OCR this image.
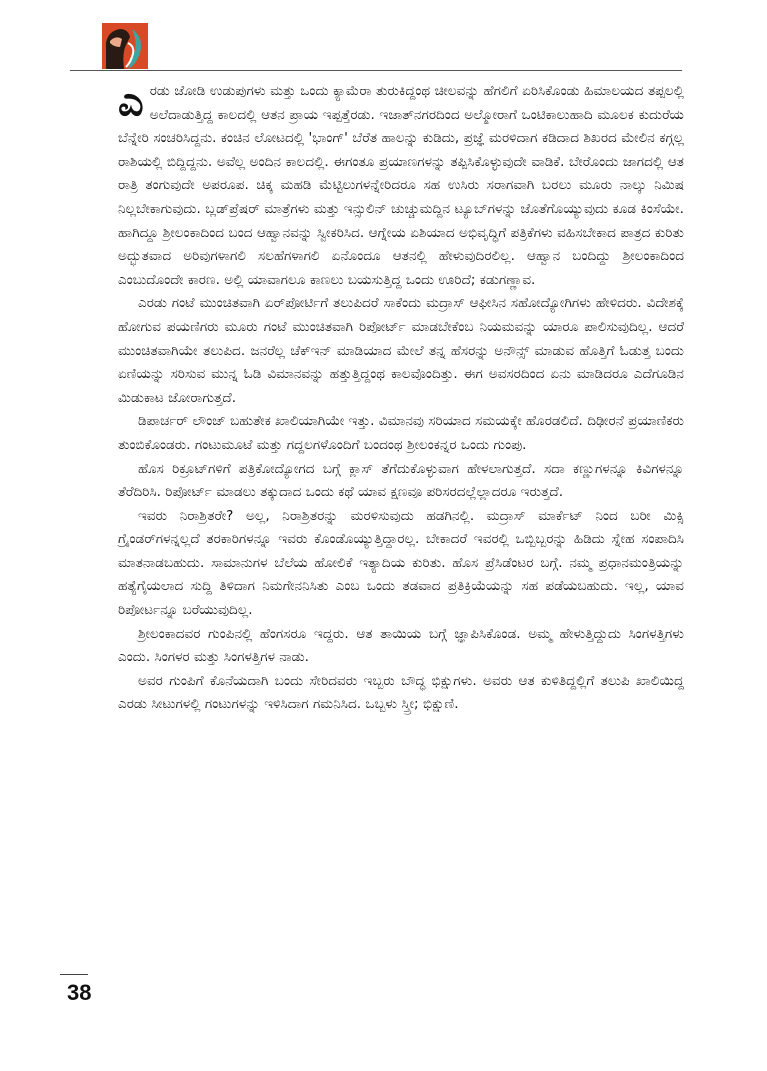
ಎರಡು ಜೋಡಿ ಉಡುಪುಗಳು ಮತ್ತು ಒಂದು ಕ್ಯಾಮೆರಾ ತುರುಕಿದ್ದಂಥ ಚೀಲವನ್ನು ಹೆಗಲಿಗೆ ಏರಿಸಿಕೊಂಡು ಹಿಮಾಲಯದ ತಪ್ಪಲಲ್ಲಿ ಅಲೆದಾಡುತ್ತಿದ್ದ ಕಾಲದಲ್ಲಿ ಆತನ ಪ್ರಾಯ ಇಪ್ಪತ್ತೆರಡು. ಇಜಾತ್‌ನಗರದಿಂದ ಅಲ್ಮೋರಾಗೆ ಒಂಟಿಕಾಲುಹಾದಿ ಮೂಲಕ ಕುದುರೆಯ ಬೆನ್ನೇರಿ ಸಂಚರಿಸಿದ್ದನು. ಕಂಚಿನ ಲೋಟದಲ್ಲಿ 'ಭಾಂಗ್' ಬೆರೆತ ಹಾಲನ್ನು ಕುಡಿದು, ಪ್ರಜ್ಞೆ ಮರಳಿದಾಗ ಕಡಿದಾದ ಶಿಖರದ ಮೇಲಿನ ಕಗ್ಗಲ್ಲ ರಾಶಿಯಲ್ಲಿ ಬಿದ್ದಿದ್ದನು. ಅವೆಲ್ಲ ಅಂದಿನ ಕಾಲದಲ್ಲಿ. ಈಗಂತೂ ಪ್ರಯಾಣಗಳನ್ನು ತಪ್ಪಿಸಿಕೊಳ್ಳುವುದೇ ವಾಡಿಕೆ. ಬೇರೊಂದು ಜಾಗದಲ್ಲಿ ಆತ ರಾತ್ರಿ ತಂಗುವುದೇ ಅಪರೂಪ. ಚಿಕ್ಕ ಮಹಡಿ ಮೆಟ್ಟಿಲುಗಳನ್ನೇರಿದರೂ ಸಹ ಉಸಿರು ಸರಾಗವಾಗಿ ಬರಲು ಮೂರು ನಾಲ್ಕು ನಿಮಿಷ ನಿಲ್ಲಬೇಕಾಗುವುದು. ಬ್ಲಡ್‌ಪ್ರೆಷರ್ ಮಾತ್ರೆಗಳು ಮತ್ತು ಇನ್ಸುಲಿನ್ ಚುಚ್ಚುಮದ್ದಿನ ಟ್ಯೂಬ್‌ಗಳನ್ನು ಜೊತೆಗೊಯ್ಯುವುದು ಕೂಡ ಕಿಂಸೆಯೇ. ಹಾಗಿದ್ದೂ ಶ್ರೀಲಂಕಾದಿಂದ ಬಂದ ಆಹ್ವಾನವನ್ನು ಸ್ವೀಕರಿಸಿದ. ಆಗ್ನೇಯ ಏಶಿಯಾದ ಅಭಿವೃದ್ಧಿಗೆ ಪತ್ರಿಕೆಗಳು ವಹಿಸಬೇಕಾದ ಪಾತ್ರದ ಕುರಿತು ಅದ್ಭುತವಾದ ಅರಿವುಗಳಾಗಲಿ ಸಲಹೆಗಳಾಗಲಿ ಏನೊಂದೂ ಆತನಲ್ಲಿ ಹೇಳುವುದಿರಲಿಲ್ಲ. ಆಹ್ವಾನ ಬಂದಿದ್ದು ಶ್ರೀಲಂಕಾದಿಂದ ಎಂಬುದೊಂದೇ ಕಾರಣ. ಅಲ್ಲಿ ಯಾವಾಗಲೂ ಕಾಣಲು ಬಯಸುತ್ತಿದ್ದ ಒಂದು ಊರಿದೆ; ಕಡುಗಣ್ಣಾವ.

ಎರಡು ಗಂಟೆ ಮುಂಚಿತವಾಗಿ ಏರ್‌ಪೋರ್ಟಿಗೆ ತಲುಪಿದರೆ ಸಾಕೆಂದು ಮದ್ರಾಸ್ ಆಫೀಸಿನ ಸಹೋದ್ಯೋಗಿಗಳು ಹೇಳಿದರು. ವಿದೇಶಕ್ಕೆ ಹೋಗುವ ಪಯಣಿಗರು ಮೂರು ಗಂಟೆ ಮುಂಚಿತವಾಗಿ ರಿಪೋರ್ಟ್ ಮಾಡಬೇಕೆಂಬ ನಿಯಮವನ್ನು ಯಾರೂ ಪಾಲಿಸುವುದಿಲ್ಲ. ಆದರೆ ಮುಂಚಿತವಾಗಿಯೇ ತಲುಪಿದ. ಜನರೆಲ್ಲ ಚೆಕ್‌ಇನ್ ಮಾಡಿಯಾದ ಮೇಲೆ ತನ್ನ ಹೆಸರನ್ನು ಅನೌನ್ಸ್ ಮಾಡುವ ಹೊತ್ತಿಗೆ ಓಡುತ್ತ ಬಂದು ಏಣಿಯನ್ನು ಸರಿಸುವ ಮುನ್ನ ಓಡಿ ವಿಮಾನವನ್ನು ಹತ್ತುತ್ತಿದ್ದಂಥ ಕಾಲವೊಂದಿತ್ತು. ಈಗ ಅವಸರದಿಂದ ಏನು ಮಾಡಿದರೂ ಎದೆಗೂಡಿನ ಮಿಡುಕಾಟ ಜೋರಾಗುತ್ತದೆ.

ಡಿಪಾರ್ಚರ್ ಲೌಂಜ್ ಬಹುತೇಕ ಖಾಲಿಯಾಗಿಯೇ ಇತ್ತು. ವಿಮಾನವು ಸರಿಯಾದ ಸಮಯಕ್ಕೇ ಹೊರಡಲಿದೆ. ದಿಢೀರನೆ ಪ್ರಯಾಣಿಕರು ತುಂಬಿಕೊಂಡರು. ಗಂಟುಮೂಟೆ ಮತ್ತು ಗದ್ದಲಗಳೊಂದಿಗೆ ಬಂದಂಥ ಶ್ರೀಲಂಕನ್ನರ ಒಂದು ಗುಂಪು.

ಹೊಸ ರಿಕ್ರೂಟ್‌ಗಳಿಗೆ ಪತ್ರಿಕೋದ್ಯೋಗದ ಬಗ್ಗೆ ಕ್ಲಾಸ್ ತೆಗೆದುಕೊಳ್ಳುವಾಗ ಹೇಳಲಾಗುತ್ತದೆ. ಸದಾ ಕಣ್ಣುಗಳನ್ನೂ ಕಿವಿಗಳನ್ನೂ ತೆರೆದಿರಿಸಿ. ರಿಪೋರ್ಟ್ ಮಾಡಲು ತಕ್ಕುದಾದ ಒಂದು ಕಥೆ ಯಾವ ಕ್ಷಣವೂ ಪರಿಸರದಲ್ಲೆಲ್ಲಾದರೂ ಇರುತ್ತದೆ.

ಇವರು ನಿರಾಶ್ರಿತರೇ? ಅಲ್ಲ, ನಿರಾಶ್ರಿತರನ್ನು ಮರಳಿಸುವುದು ಹಡಗಿನಲ್ಲಿ. ಮದ್ರಾಸ್ ಮಾರ್ಕೆಟ್ ನಿಂದ ಬರೀ ಮಿಕ್ಸಿ ಗ್ರೈಂಡರ್‌ಗಳನ್ನಲ್ಲದೆ ತರಕಾರಿಗಳನ್ನೂ ಇವರು ಕೊಂಡೊಯ್ಯುತ್ತಿದ್ದಾರಲ್ಲ. ಬೇಕಾದರೆ ಇವರಲ್ಲಿ ಒಬ್ಬಿಬ್ಬರನ್ನು ಹಿಡಿದು ಸ್ನೇಹ ಸಂಪಾದಿಸಿ ಮಾತನಾಡಬಹುದು. ಸಾಮಾನುಗಳ ಬೆಲೆಯ ಹೋಲಿಕೆ ಇತ್ಯಾದಿಯ ಕುರಿತು. ಹೊಸ ಪ್ರೆಸಿಡೆಂಟರ ಬಗ್ಗೆ. ನಮ್ಮ ಪ್ರಧಾನಮಂತ್ರಿಯನ್ನು ಹತ್ಯೆಗೈಯಲಾದ ಸುದ್ದಿ ತಿಳಿದಾಗ ನಿಮಗೇನನಿಸಿತು ಎಂಬ ಒಂದು ತಡವಾದ ಪ್ರತಿಕ್ರಿಯೆಯನ್ನು ಸಹ ಪಡೆಯಬಹುದು. ಇಲ್ಲ, ಯಾವ ರಿಪೋರ್ಟನ್ನೂ ಬರೆಯುವುದಿಲ್ಲ.

ಶ್ರೀಲಂಕಾದವರ ಗುಂಪಿನಲ್ಲಿ ಹೆಂಗಸರೂ ಇದ್ದರು. ಆತ ತಾಯಿಯ ಬಗ್ಗೆ ಜ್ಞಾಪಿಸಿಕೊಂಡ. ಅಮ್ಮ ಹೇಳುತ್ತಿದ್ದುದು ಸಿಂಗಳತ್ತಿಗಳು ಎಂದು. ಸಿಂಗಳರ ಮತ್ತು ಸಿಂಗಳತ್ತಿಗಳ ನಾಡು.

ಅವರ ಗುಂಪಿಗೆ ಕೊನೆಯದಾಗಿ ಬಂದು ಸೇರಿದವರು ಇಬ್ಬರು ಬೌದ್ಧ ಭಿಕ್ಷುಗಳು. ಅವರು ಆತ ಕುಳಿತಿದ್ದಲ್ಲಿಗೆ ತಲುಪಿ ಖಾಲಿಯಿದ್ದ ಎರಡು ಸೀಟುಗಳಲ್ಲಿ ಗಂಟುಗಳನ್ನು ಇಳಿಸಿದಾಗ ಗಮನಿಸಿದ. ಒಬ್ಬಳು ಸ್ತ್ರೀ; ಭಿಕ್ಷುಣಿ.

38
